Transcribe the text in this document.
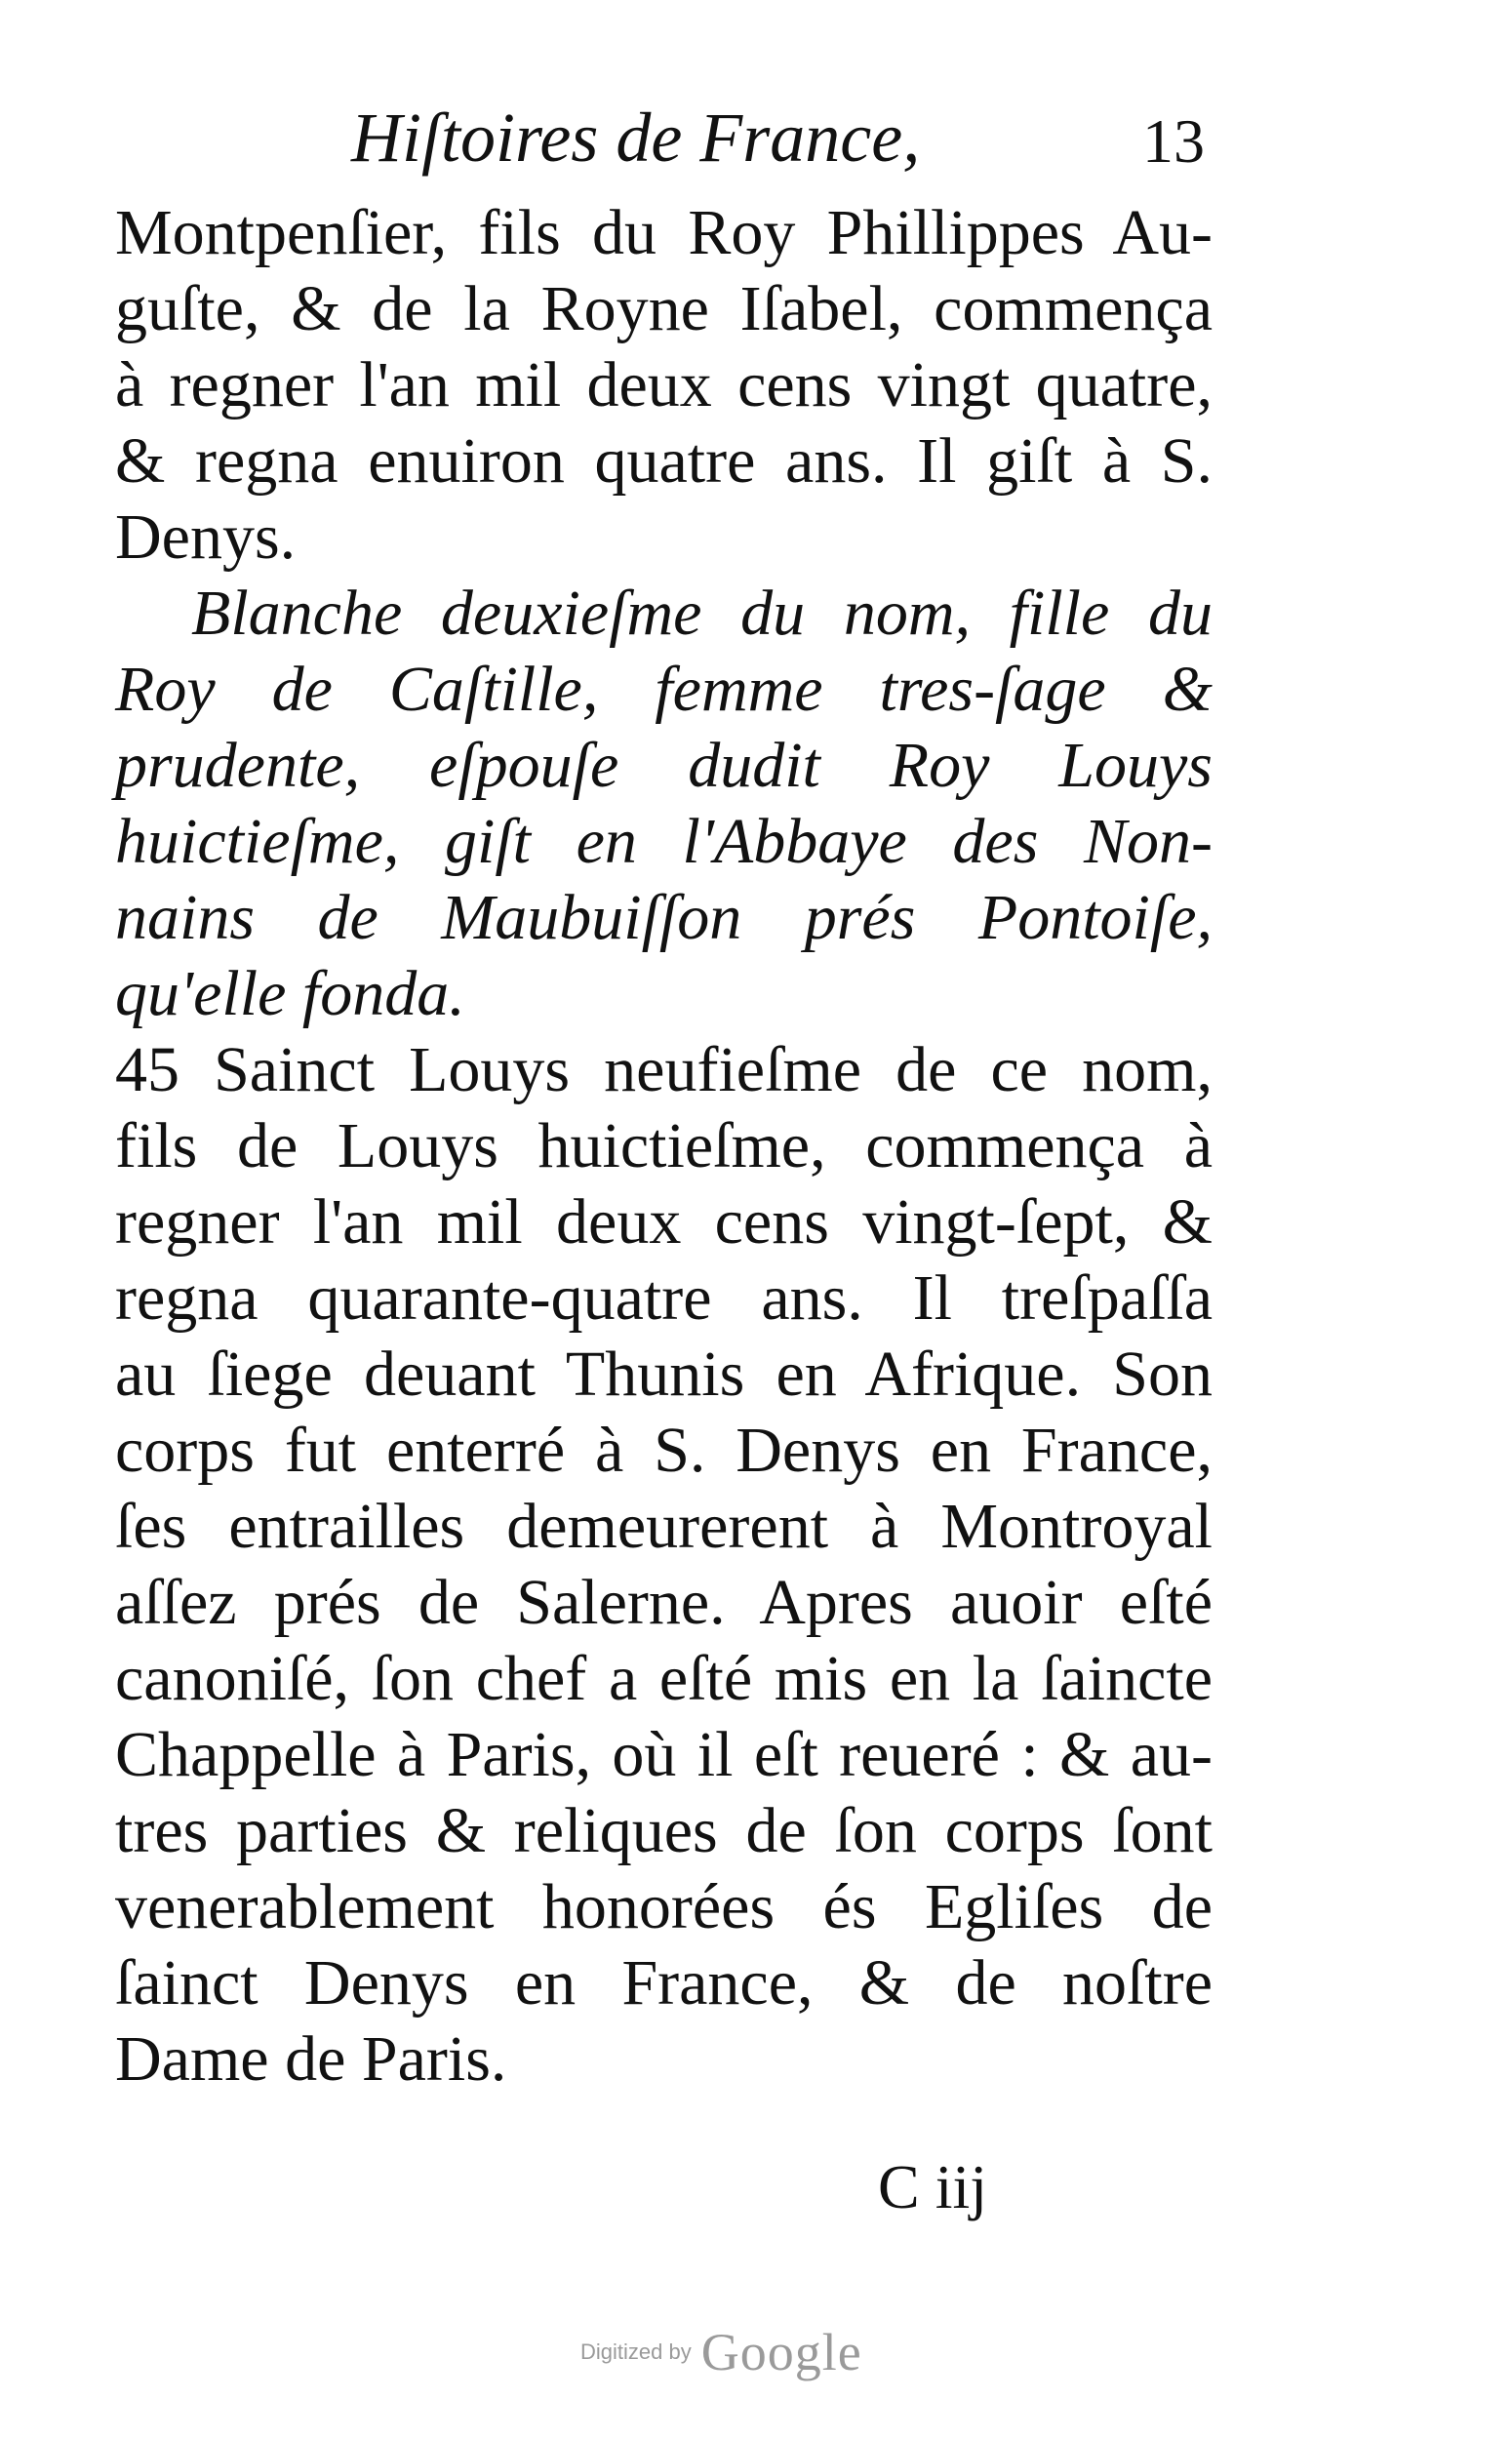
Hiſtoires de France,	13
Montpenſier, fils du Roy Phillippes Au-
guſte, & de la Royne Iſabel, commença
à regner l'an mil deux cens vingt quatre,
& regna enuiron quatre ans. Il giſt à S.
Denys.
Blanche deuxieſme du nom, fille du
Roy de Caſtille, femme tres-ſage &
prudente, eſpouſe dudit Roy Louys
huictieſme, giſt en l'Abbaye des Non-
nains de Maubuiſſon prés Pontoiſe,
qu'elle fonda.
45 Sainct Louys neufieſme de ce nom,
fils de Louys huictieſme, commença à
regner l'an mil deux cens vingt-ſept, &
regna quarante-quatre ans. Il treſpaſſa
au ſiege deuant Thunis en Afrique. Son
corps fut enterré à S. Denys en France,
ſes entrailles demeurerent à Montroyal
aſſez prés de Salerne. Apres auoir eſté
canoniſé, ſon chef a eſté mis en la ſaincte
Chappelle à Paris, où il eſt reueré : & au-
tres parties & reliques de ſon corps ſont
venerablement honorées és Egliſes de
ſainct Denys en France, & de noſtre
Dame de Paris.
C iij
Digitized by Google
